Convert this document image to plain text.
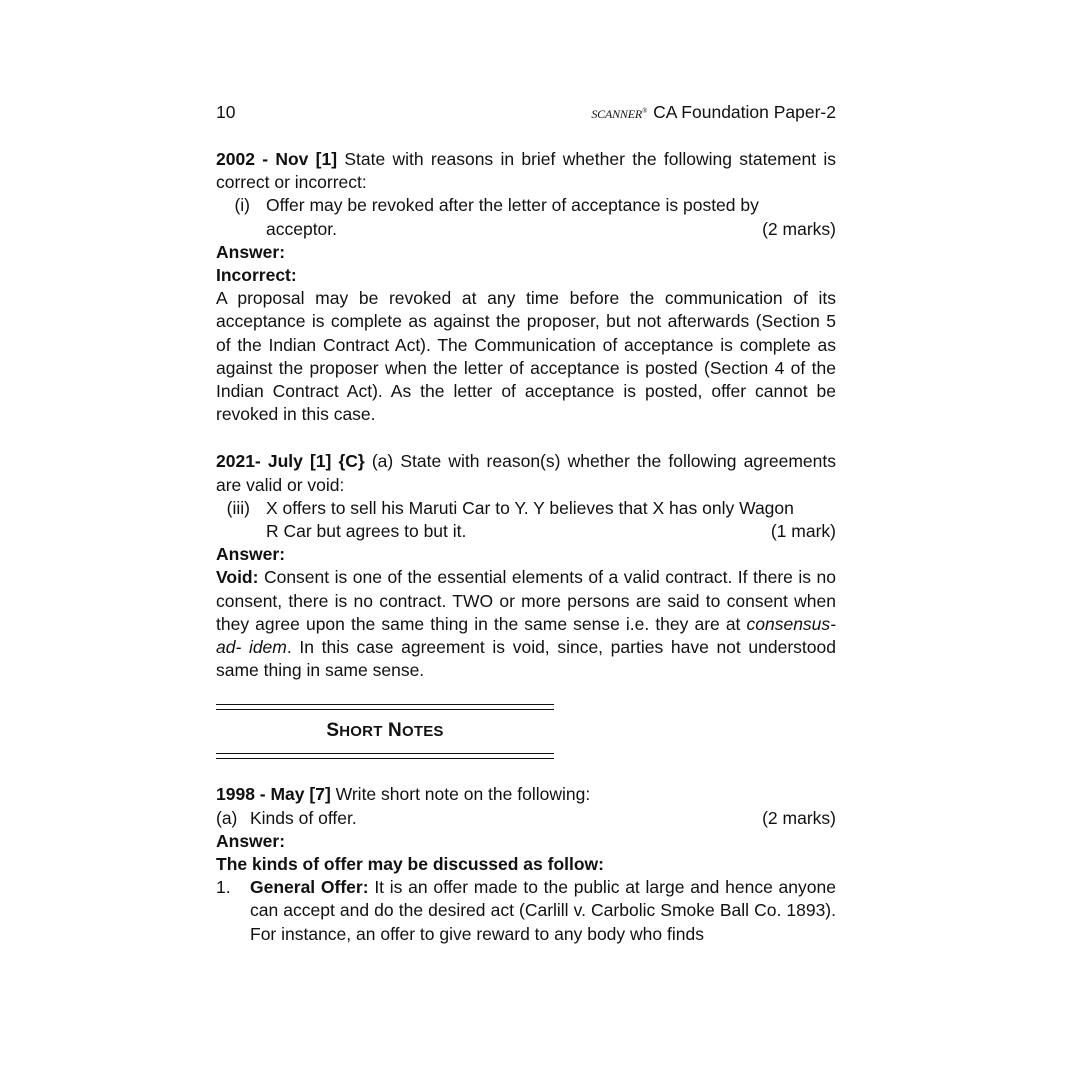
10	SCANNER® CA Foundation Paper-2

2002 - Nov [1] State with reasons in brief whether the following statement is correct or incorrect:

(i) Offer may be revoked after the letter of acceptance is posted by
acceptor.	(2 marks)
Answer:
Incorrect:

A proposal may be revoked at any time before the communication of its acceptance is complete as against the proposer, but not afterwards (Section 5 of the Indian Contract Act). The Communication of acceptance is complete as against the proposer when the letter of acceptance is posted (Section 4 of the Indian Contract Act). As the letter of acceptance is posted, offer cannot be revoked in this case.

2021- July [1] {C} (a) State with reason(s) whether the following agreements are valid or void:

(iii) X offers to sell his Maruti Car to Y. Y believes that X has only Wagon
R Car but agrees to but it.	(1 mark)
Answer:

Void: Consent is one of the essential elements of a valid contract. If there is no consent, there is no contract. TWO or more persons are said to consent when they agree upon the same thing in the same sense i.e. they are at consensus-ad- idem. In this case agreement is void, since, parties have not understood same thing in same sense.

SHORT NOTES

1998 - May [7] Write short note on the following:

(a) Kinds of offer.	(2 marks)
Answer:
The kinds of offer may be discussed as follow:
1.	General Offer: It is an offer made to the public at large and hence anyone can accept and do the desired act (Carlill v. Carbolic Smoke Ball Co. 1893). For instance, an offer to give reward to any body who finds
